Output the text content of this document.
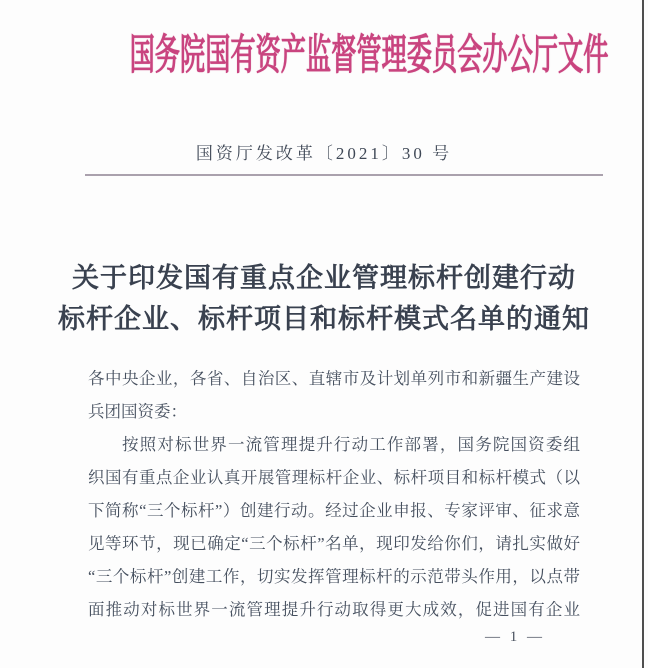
国务院国有资产监督管理委员会办公厅文件
国资厅发改革〔2021〕30 号
关于印发国有重点企业管理标杆创建行动
标杆企业、标杆项目和标杆模式名单的通知
各中央企业，各省、自治区、直辖市及计划单列市和新疆生产建设
兵团国资委：
按照对标世界一流管理提升行动工作部署，国务院国资委组
织国有重点企业认真开展管理标杆企业、标杆项目和标杆模式（以
下简称“三个标杆”）创建行动。经过企业申报、专家评审、征求意
见等环节，现已确定“三个标杆”名单，现印发给你们，请扎实做好
“三个标杆”创建工作，切实发挥管理标杆的示范带头作用，以点带
面推动对标世界一流管理提升行动取得更大成效，促进国有企业
— 1 —
